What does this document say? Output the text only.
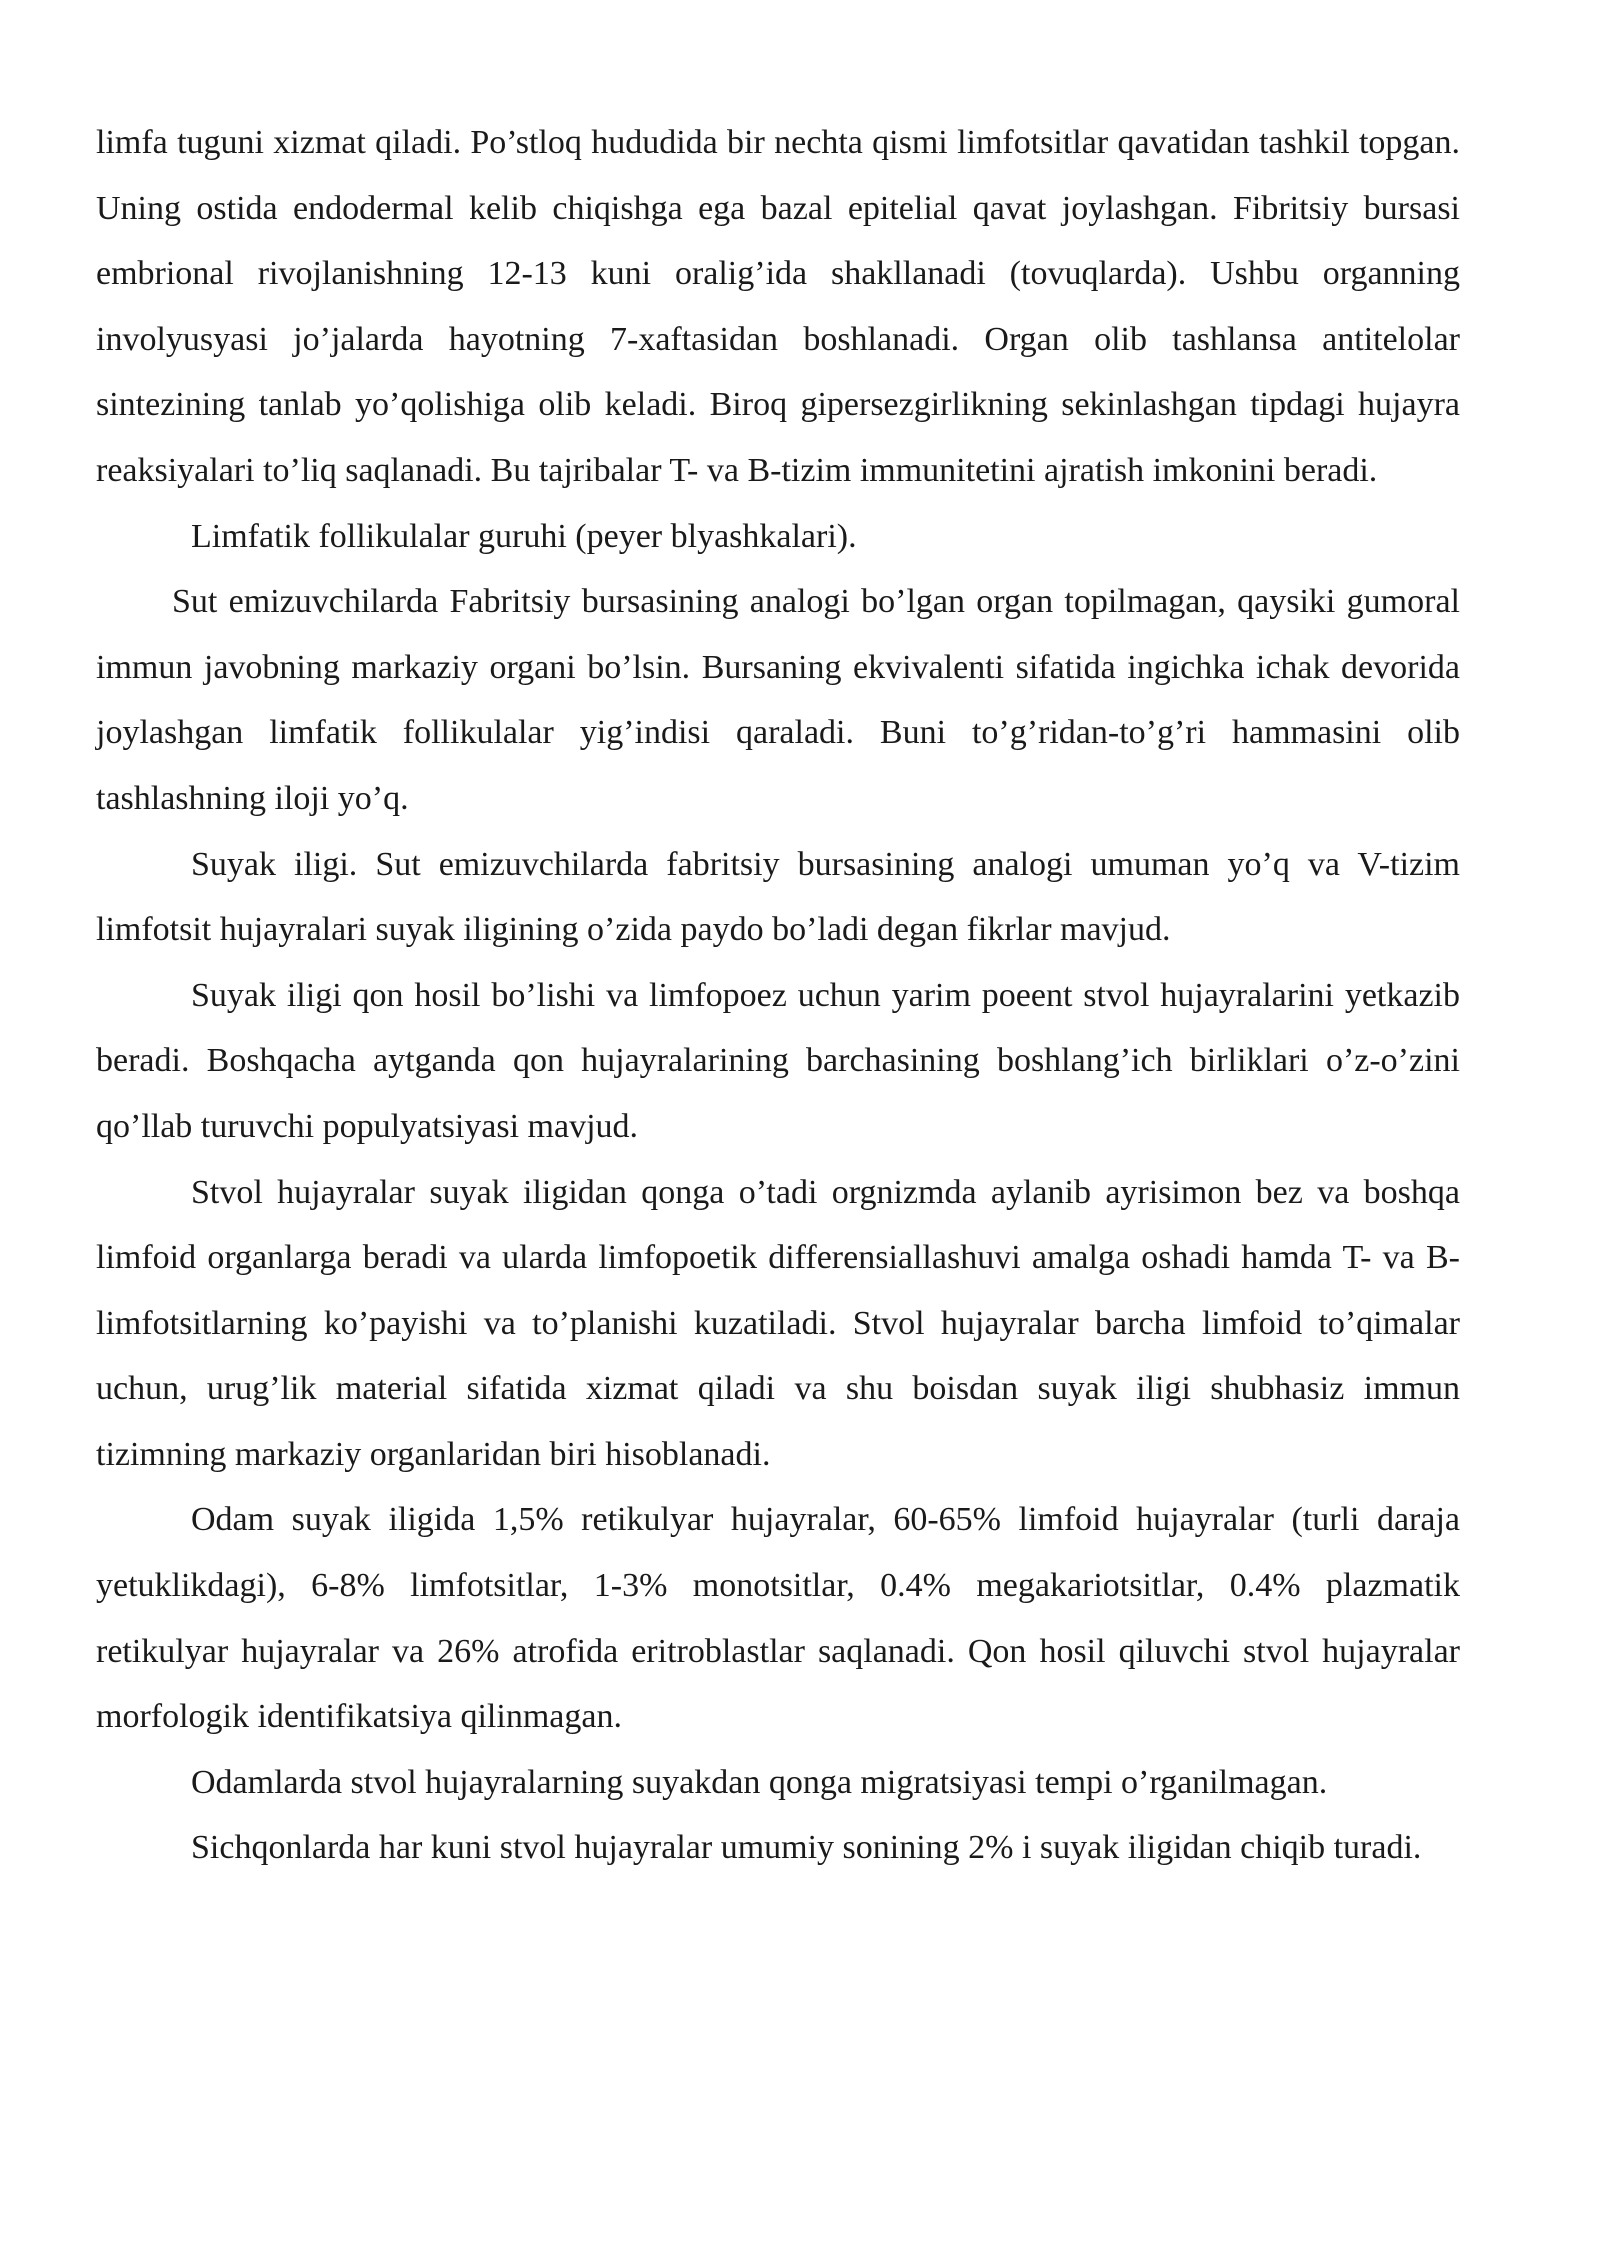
limfa tuguni xizmat qiladi. Po’stloq hududida bir nechta qismi limfotsitlar qavatidan tashkil topgan. Uning ostida endodermal kelib chiqishga ega bazal epitelial qavat joylashgan. Fibritsiy bursasi embrional rivojlanishning 12-13 kuni oralig’ida shakllanadi (tovuqlarda). Ushbu organning involyusyasi jo’jalarda hayotning 7-xaftasidan boshlanadi. Organ olib tashlansa antitelolar sintezining tanlab yo’qolishiga olib keladi. Biroq gipersezgirlikning sekinlashgan tipdagi hujayra reaksiyalari to’liq saqlanadi. Bu tajribalar T- va B-tizim immunitetini ajratish imkonini beradi.

Limfatik follikulalar guruhi (peyer blyashkalari).

Sut emizuvchilarda Fabritsiy bursasining analogi bo’lgan organ topilmagan, qaysiki gumoral immun javobning markaziy organi bo’lsin. Bursaning ekvivalenti sifatida ingichka ichak devorida joylashgan limfatik follikulalar yig’indisi qaraladi. Buni to’g’ridan-to’g’ri hammasini olib tashlashning iloji yo’q.

Suyak iligi. Sut emizuvchilarda fabritsiy bursasining analogi umuman yo’q va V-tizim limfotsit hujayralari suyak iligining o’zida paydo bo’ladi degan fikrlar mavjud.

Suyak iligi qon hosil bo’lishi va limfopoez uchun yarim poeent stvol hujayralarini yetkazib beradi. Boshqacha aytganda qon hujayralarining barchasining boshlang’ich birliklari o’z-o’zini qo’llab turuvchi populyatsiyasi mavjud.

Stvol hujayralar suyak iligidan qonga o’tadi orgnizmda aylanib ayrisimon bez va boshqa limfoid organlarga beradi va ularda limfopoetik differensiallashuvi amalga oshadi hamda T- va B-limfotsitlarning ko’payishi va to’planishi kuzatiladi. Stvol hujayralar barcha limfoid to’qimalar uchun, urug’lik material sifatida xizmat qiladi va shu boisdan suyak iligi shubhasiz immun tizimning markaziy organlaridan biri hisoblanadi.

Odam suyak iligida 1,5% retikulyar hujayralar, 60-65% limfoid hujayralar (turli daraja yetuklikdagi), 6-8% limfotsitlar, 1-3% monotsitlar, 0.4% megakariotsitlar, 0.4% plazmatik retikulyar hujayralar va 26% atrofida eritroblastlar saqlanadi. Qon hosil qiluvchi stvol hujayralar morfologik identifikatsiya qilinmagan.

Odamlarda stvol hujayralarning suyakdan qonga migratsiyasi tempi o’rganilmagan.

Sichqonlarda har kuni stvol hujayralar umumiy sonining 2% i suyak iligidan chiqib turadi.
